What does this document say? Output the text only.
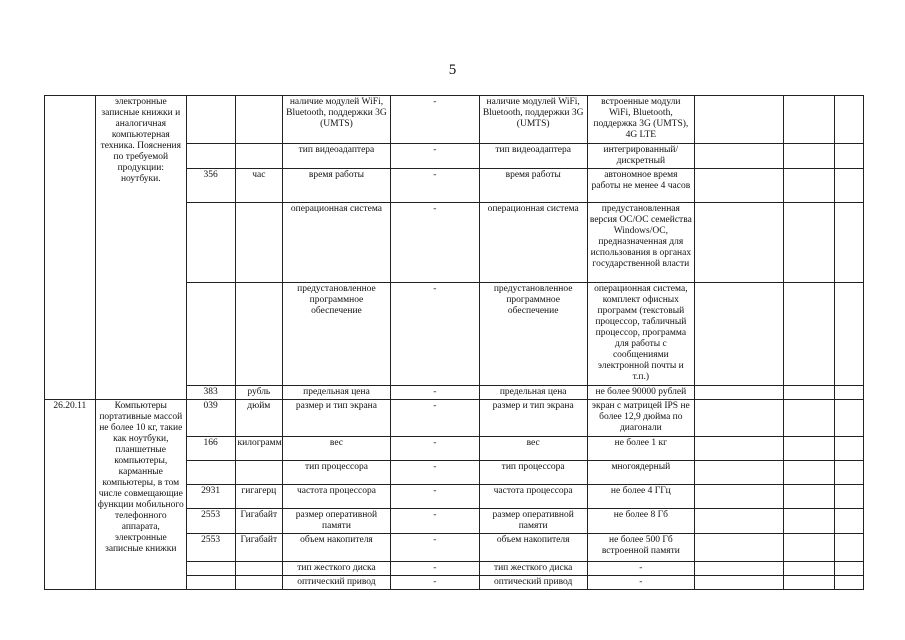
5
	электронные записные книжки и аналогичная компьютерная техника. Пояснения по требуемой продукции: ноутбуки.			наличие модулей WiFi, Bluetooth, поддержки 3G (UMTS)	-	наличие модулей WiFi, Bluetooth, поддержки 3G (UMTS)	встроенные модули WiFi, Bluetooth, поддержка 3G (UMTS), 4G LTE			
				тип видеоадаптера	-	тип видеоадаптера	интегрированный/дискретный			
		356	час	время работы	-	время работы	автономное время работы не менее 4 часов			
				операционная система	-	операционная система	предустановленная версия ОС/ОС семейства Windows/OC, предназначенная для использования в органах государственной власти			
				предустановленное программное обеспечение	-	предустановленное программное обеспечение	операционная система, комплект офисных программ (текстовый процессор, табличный процессор, программа для работы с сообщениями электронной почты и т.п.)			
		383	рубль	предельная цена	-	предельная цена	не более 90000 рублей			
26.20.11	Компьютеры портативные массой не более 10 кг, такие как ноутбуки, планшетные компьютеры, карманные компьютеры, в том числе совмещающие функции мобильного телефонного аппарата, электронные записные книжки	039	дюйм	размер и тип экрана	-	размер и тип экрана	экран с матрицей IPS не более 12,9 дюйма по диагонали			
		166	килограмм	вес	-	вес	не более 1 кг			
				тип процессора	-	тип процессора	многоядерный			
		2931	гигагерц	частота процессора	-	частота процессора	не более 4 ГГц			
		2553	Гигабайт	размер оперативной памяти	-	размер оперативной памяти	не более 8 Гб			
		2553	Гигабайт	объем накопителя	-	объем накопителя	не более 500 Гб встроенной памяти			
				тип жесткого диска	-	тип жесткого диска	-			
				оптический привод	-	оптический привод	-			
